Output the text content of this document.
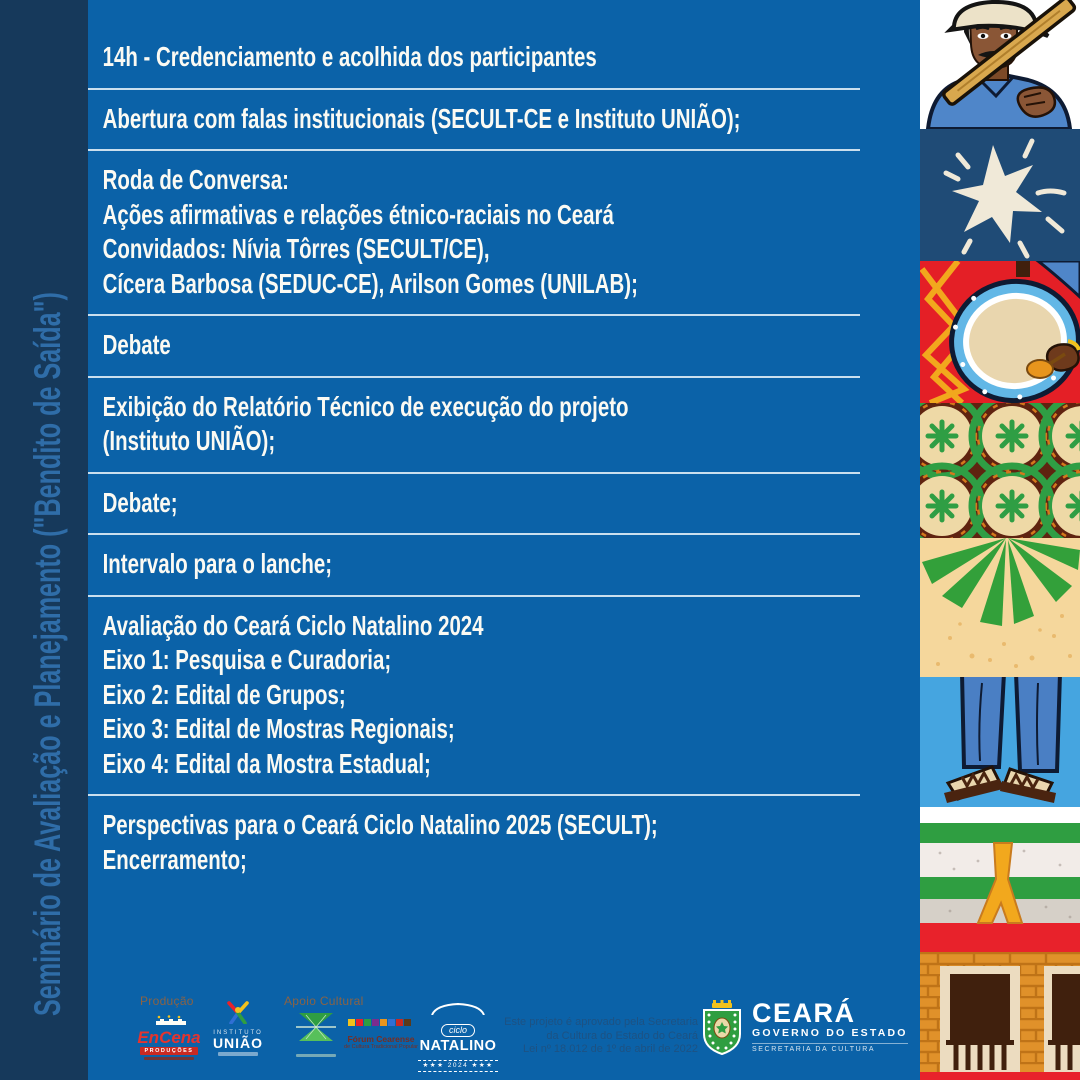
Seminário de Avaliação e Planejamento ("Bendito de Saída")
14h - Credenciamento e acolhida dos participantes
Abertura com falas institucionais (SECULT-CE e Instituto UNIÃO);
Roda de Conversa:
Ações afirmativas e relações étnico-raciais no Ceará
Convidados: Nívia Tôrres (SECULT/CE),
Cícera Barbosa (SEDUC-CE), Arilson Gomes (UNILAB);
Debate
Exibição do Relatório Técnico de execução do projeto
(Instituto UNIÃO);
Debate;
Intervalo para o lanche;
Avaliação do Ceará Ciclo Natalino 2024
Eixo 1: Pesquisa e Curadoria;
Eixo 2: Edital de Grupos;
Eixo 3: Edital de Mostras Regionais;
Eixo 4: Edital da Mostra Estadual;
Perspectivas para o Ceará Ciclo Natalino 2025 (SECULT);
Encerramento;
Produção	Apoio Cultural
EnCena
PRODUÇÕES
INSTITUTO
UNIÃO	Fórum Cearense
de Cultura Tradicional Popular
ciclo
NATALINO
★★★ 2024 ★★★
Este projeto é aprovado pela Secretaria
da Cultura do Estado do Ceará
Lei nº 18.012 de 1º de abril de 2022
CEARÁ
GOVERNO DO ESTADO
SECRETARIA DA CULTURA
